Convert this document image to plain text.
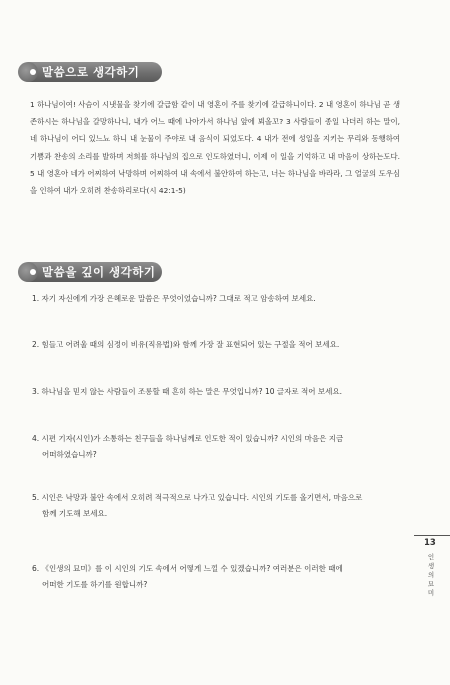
말씀으로 생각하기
1 하나님이여! 사슴이 시냇물을 찾기에 갈급함 같이 내 영혼이 주를 찾기에 갈급하니이다. 2 내 영혼이 하나님 곧 생존하시는 하나님을 갈망하나니, 내가 어느 때에 나아가서 하나님 앞에 뵈올꼬? 3 사람들이 종일 나더러 하는 말이, 네 하나님이 어디 있느뇨 하니 내 눈물이 주야로 내 음식이 되었도다. 4 내가 전에 성일을 지키는 무리와 동행하여 기쁨과 찬송의 소리를 발하며 저희를 하나님의 집으로 인도하였더니, 이제 이 일을 기억하고 내 마음이 상하는도다. 5 내 영혼아 네가 어찌하여 낙망하며 어찌하여 내 속에서 불안하여 하는고, 너는 하나님을 바라라, 그 얼굴의 도우심을 인하여 내가 오히려 찬송하리로다(시 42:1-5)
말씀을 깊이 생각하기
1. 자기 자신에게 가장 은혜로운 말씀은 무엇이었습니까? 그대로 적고 암송하여 보세요.
2. 힘들고 어려울 때의 심정이 비유(직유법)와 함께 가장 잘 표현되어 있는 구절을 적어 보세요.
3. 하나님을 믿지 않는 사람들이 조롱할 때 흔히 하는 말은 무엇입니까? 10 글자로 적어 보세요.
4. 시편 기자(시인)가 소통하는 친구들을 하나님께로 인도한 적이 있습니까? 시인의 마음은 지금
어떠하였습니까?
5. 시인은 낙망과 불안 속에서 오히려 적극적으로 나가고 있습니다. 시인의 기도를 올기면서, 마음으로
함께 기도해 보세요.
6. 《인생의 묘미》를 이 시인의 기도 속에서 어떻게 느낄 수 있겠습니까? 여러분은 이러한 때에
어떠한 기도를 하기를 원합니까?
13
인
생
의
묘
미
